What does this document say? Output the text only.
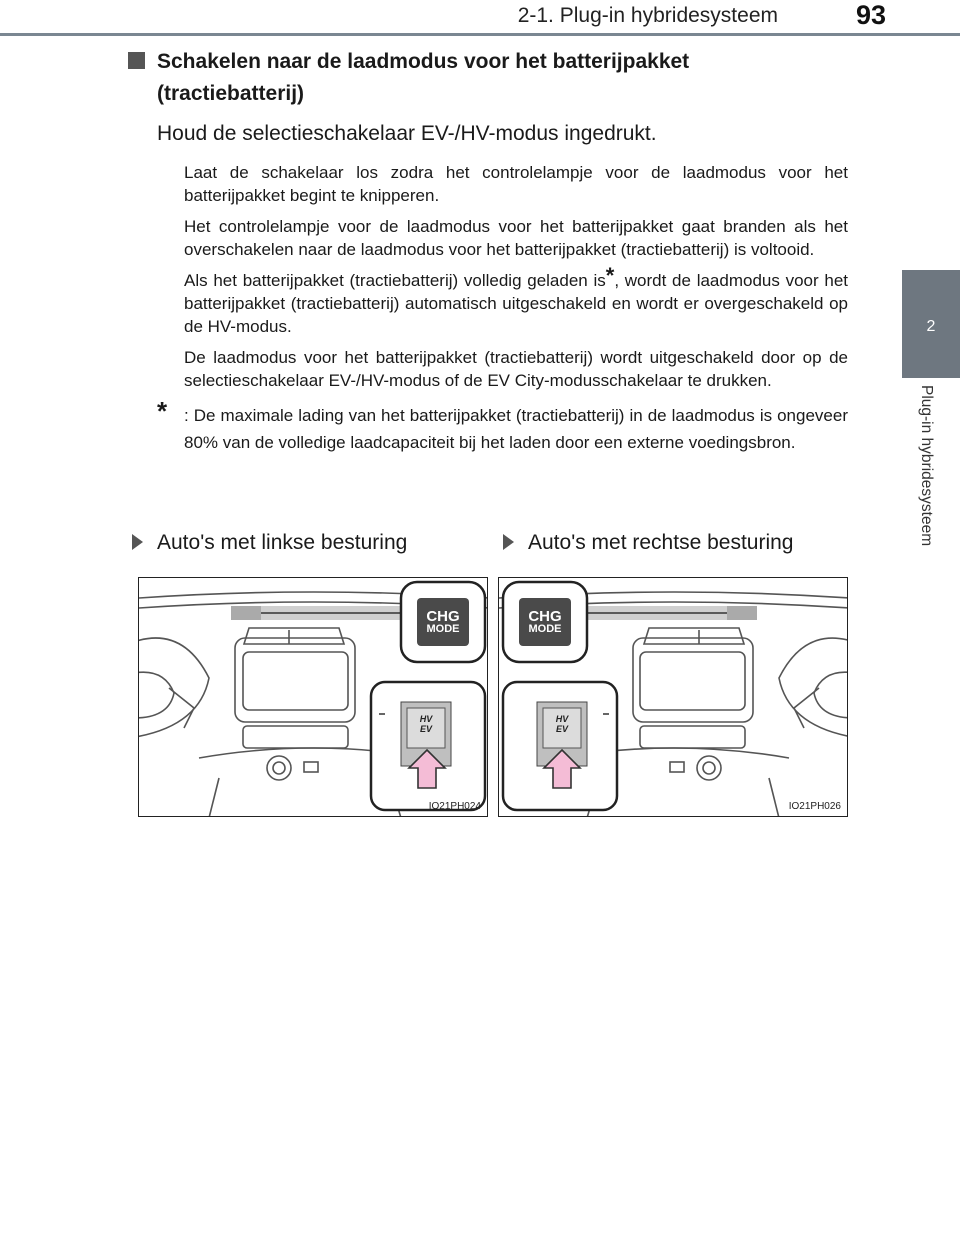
2-1. Plug-in hybridesysteem	93
2
Plug-in hybridesysteem
Schakelen naar de laadmodus voor het batterijpakket
(tractiebatterij)
Houd de selectieschakelaar EV-/HV-modus ingedrukt.

Laat de schakelaar los zodra het controlelampje voor de laadmodus voor het batterijpakket begint te knipperen.

Het controlelampje voor de laadmodus voor het batterijpakket gaat branden als het overschakelen naar de laadmodus voor het batterijpakket (tractiebatterij) is voltooid.

Als het batterijpakket (tractiebatterij) volledig geladen is*, wordt de laadmodus voor het batterijpakket (tractiebatterij) automatisch uitgeschakeld en wordt er overgeschakeld op de HV-modus.

De laadmodus voor het batterijpakket (tractiebatterij) wordt uitgeschakeld door op de selectieschakelaar EV-/HV-modus of de EV City-modusschakelaar te drukken.

* : De maximale lading van het batterijpakket (tractiebatterij) in de laadmodus is ongeveer 80% van de volledige laadcapaciteit bij het laden door een externe voedingsbron.
Auto's met linkse besturing	Auto's met rechtse besturing
CHG
MODE
HV
EV
IO21PH024
CHG
MODE
HV
EV
IO21PH026
